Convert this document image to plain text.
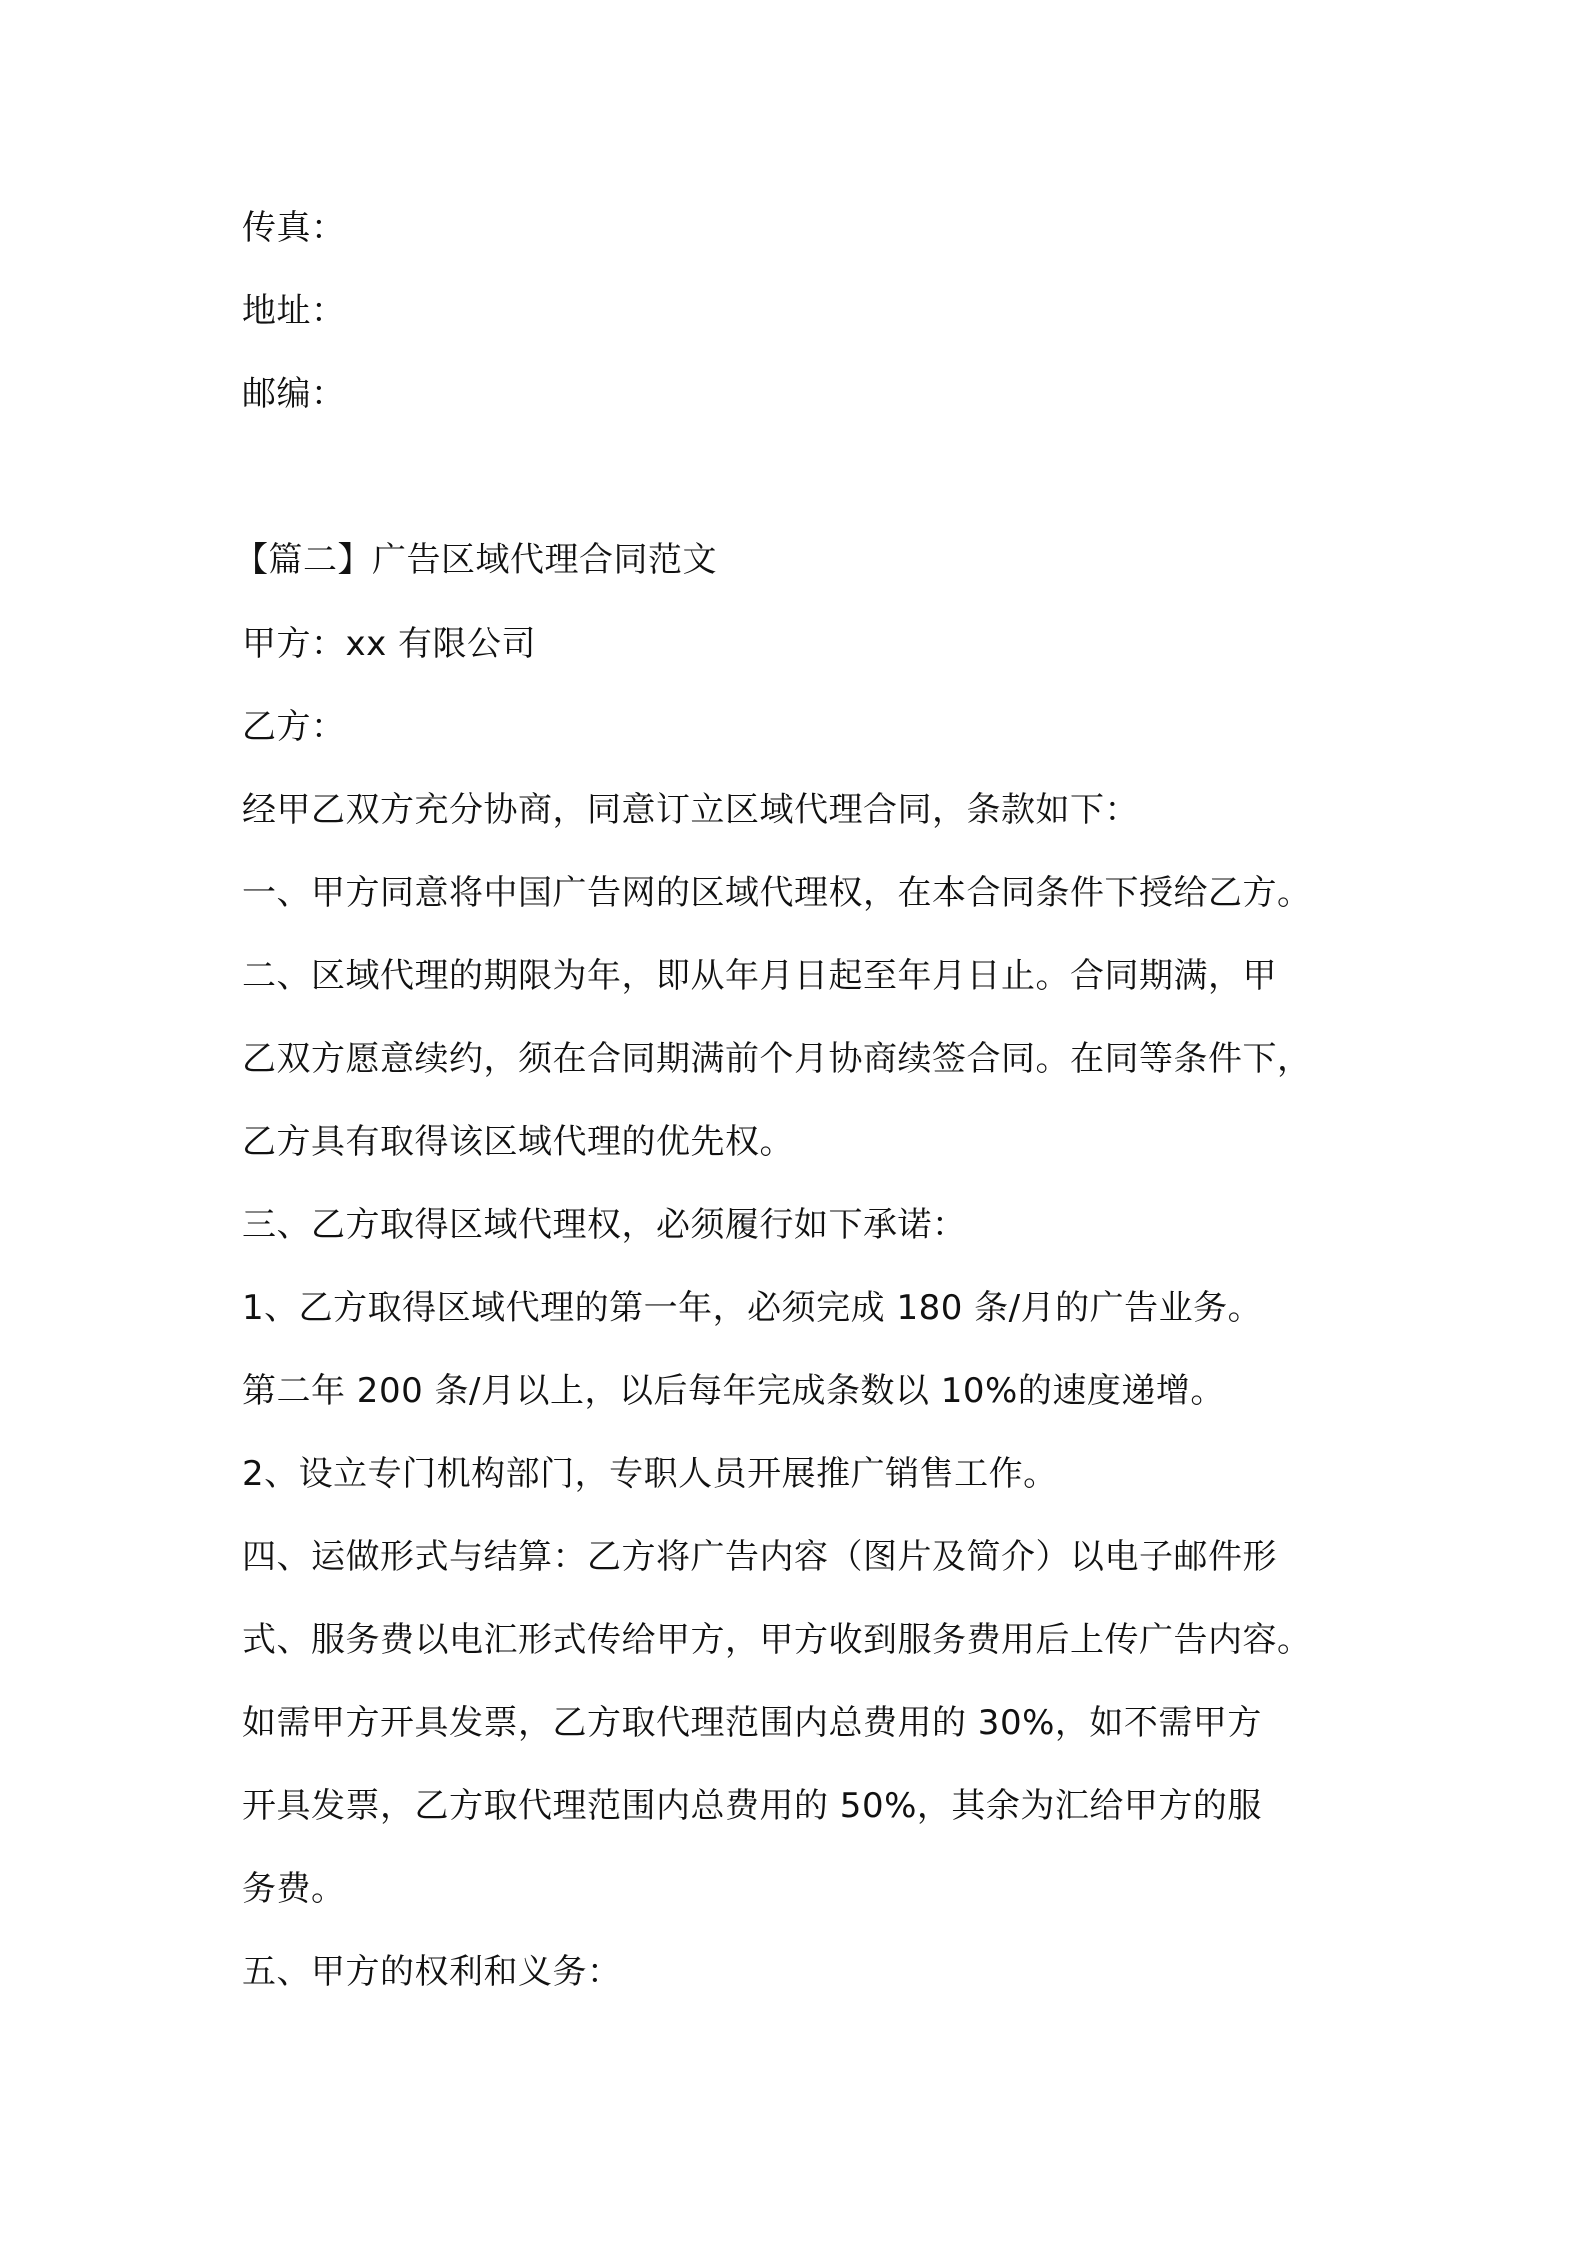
传真：
地址：
邮编：
【篇二】广告区域代理合同范文
甲方：xx 有限公司
乙方：
经甲乙双方充分协商，同意订立区域代理合同，条款如下：
一、甲方同意将中国广告网的区域代理权，在本合同条件下授给乙方。
二、区域代理的期限为年，即从年月日起至年月日止。合同期满，甲
乙双方愿意续约，须在合同期满前个月协商续签合同。在同等条件下，
乙方具有取得该区域代理的优先权。
三、乙方取得区域代理权，必须履行如下承诺：
1、乙方取得区域代理的第一年，必须完成 180 条/月的广告业务。
第二年 200 条/月以上，以后每年完成条数以 10%的速度递增。
2、设立专门机构部门，专职人员开展推广销售工作。
四、运做形式与结算：乙方将广告内容（图片及简介）以电子邮件形
式、服务费以电汇形式传给甲方，甲方收到服务费用后上传广告内容。
如需甲方开具发票，乙方取代理范围内总费用的 30%，如不需甲方
开具发票，乙方取代理范围内总费用的 50%，其余为汇给甲方的服
务费。
五、甲方的权利和义务：
